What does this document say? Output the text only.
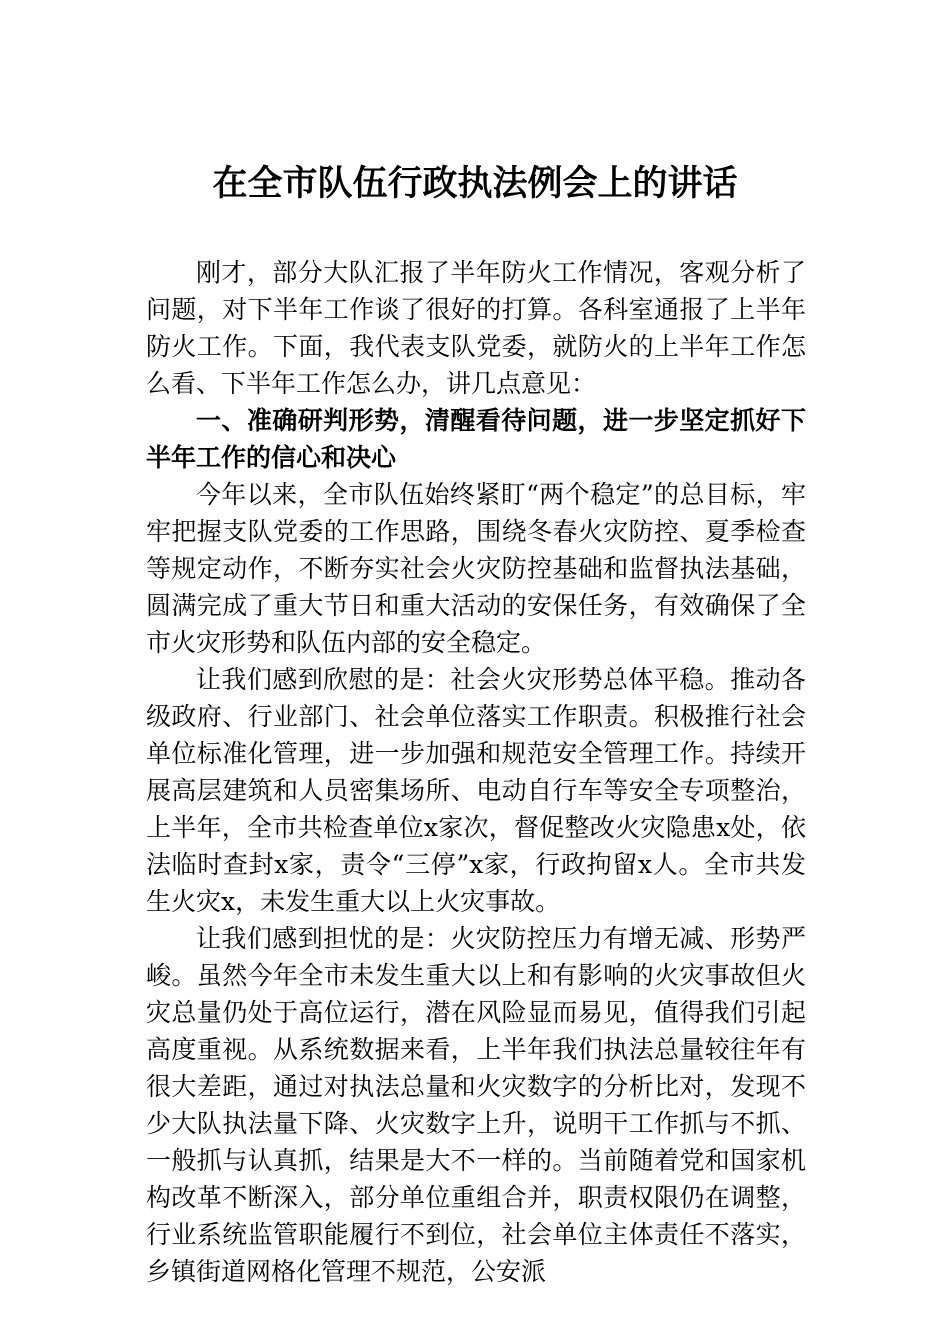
在全市队伍行政执法例会上的讲话

刚才，部分大队汇报了半年防火工作情况，客观分析了问题，对下半年工作谈了很好的打算。各科室通报了上半年防火工作。下面，我代表支队党委，就防火的上半年工作怎么看、下半年工作怎么办，讲几点意见：

一、准确研判形势，清醒看待问题，进一步坚定抓好下半年工作的信心和决心

今年以来，全市队伍始终紧盯“两个稳定”的总目标，牢牢把握支队党委的工作思路，围绕冬春火灾防控、夏季检查等规定动作，不断夯实社会火灾防控基础和监督执法基础，圆满完成了重大节日和重大活动的安保任务，有效确保了全市火灾形势和队伍内部的安全稳定。

让我们感到欣慰的是：社会火灾形势总体平稳。推动各级政府、行业部门、社会单位落实工作职责。积极推行社会单位标准化管理，进一步加强和规范安全管理工作。持续开展高层建筑和人员密集场所、电动自行车等安全专项整治，上半年，全市共检查单位x家次，督促整改火灾隐患x处，依法临时查封x家，责令“三停”x家，行政拘留x人。全市共发生火灾x，未发生重大以上火灾事故。

让我们感到担忧的是：火灾防控压力有增无减、形势严峻。虽然今年全市未发生重大以上和有影响的火灾事故但火灾总量仍处于高位运行，潜在风险显而易见，值得我们引起高度重视。从系统数据来看，上半年我们执法总量较往年有很大差距，通过对执法总量和火灾数字的分析比对，发现不少大队执法量下降、火灾数字上升，说明干工作抓与不抓、一般抓与认真抓，结果是大不一样的。当前随着党和国家机构改革不断深入，部分单位重组合并，职责权限仍在调整，行业系统监管职能履行不到位，社会单位主体责任不落实，乡镇街道网格化管理不规范，公安派
